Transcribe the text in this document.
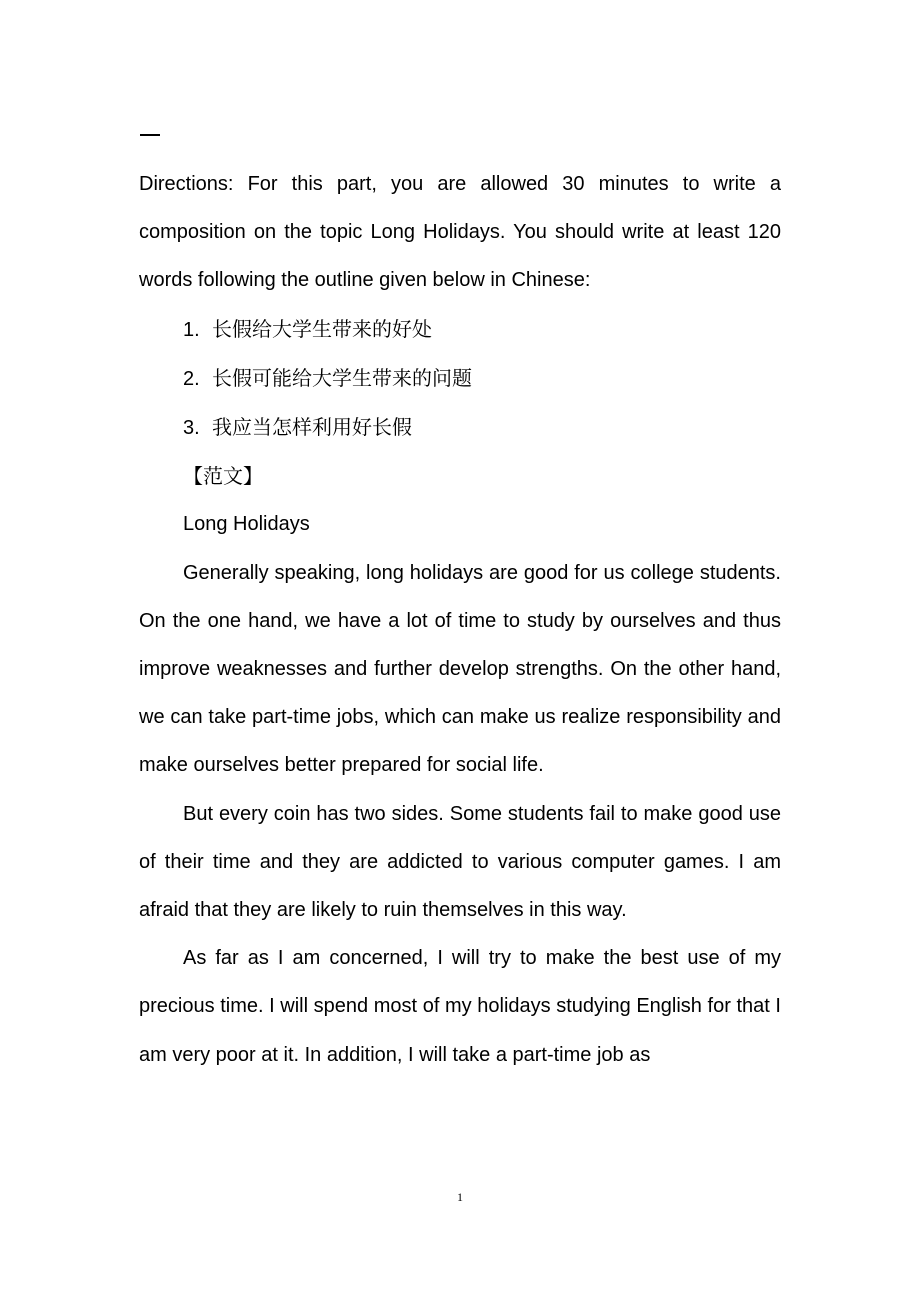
Directions: For this part, you are allowed 30 minutes to write a composition on the topic Long Holidays. You should write at least 120 words following the outline given below in Chinese:

1. 长假给大学生带来的好处

2. 长假可能给大学生带来的问题

3. 我应当怎样利用好长假

【范文】

Long Holidays

Generally speaking, long holidays are good for us college students. On the one hand, we have a lot of time to study by ourselves and thus improve weaknesses and further develop strengths. On the other hand, we can take part-time jobs, which can make us realize responsibility and make ourselves better prepared for social life.

But every coin has two sides. Some students fail to make good use of their time and they are addicted to various computer games. I am afraid that they are likely to ruin themselves in this way.

As far as I am concerned, I will try to make the best use of my precious time. I will spend most of my holidays studying English for that I am very poor at it. In addition, I will take a part-time job as

1
